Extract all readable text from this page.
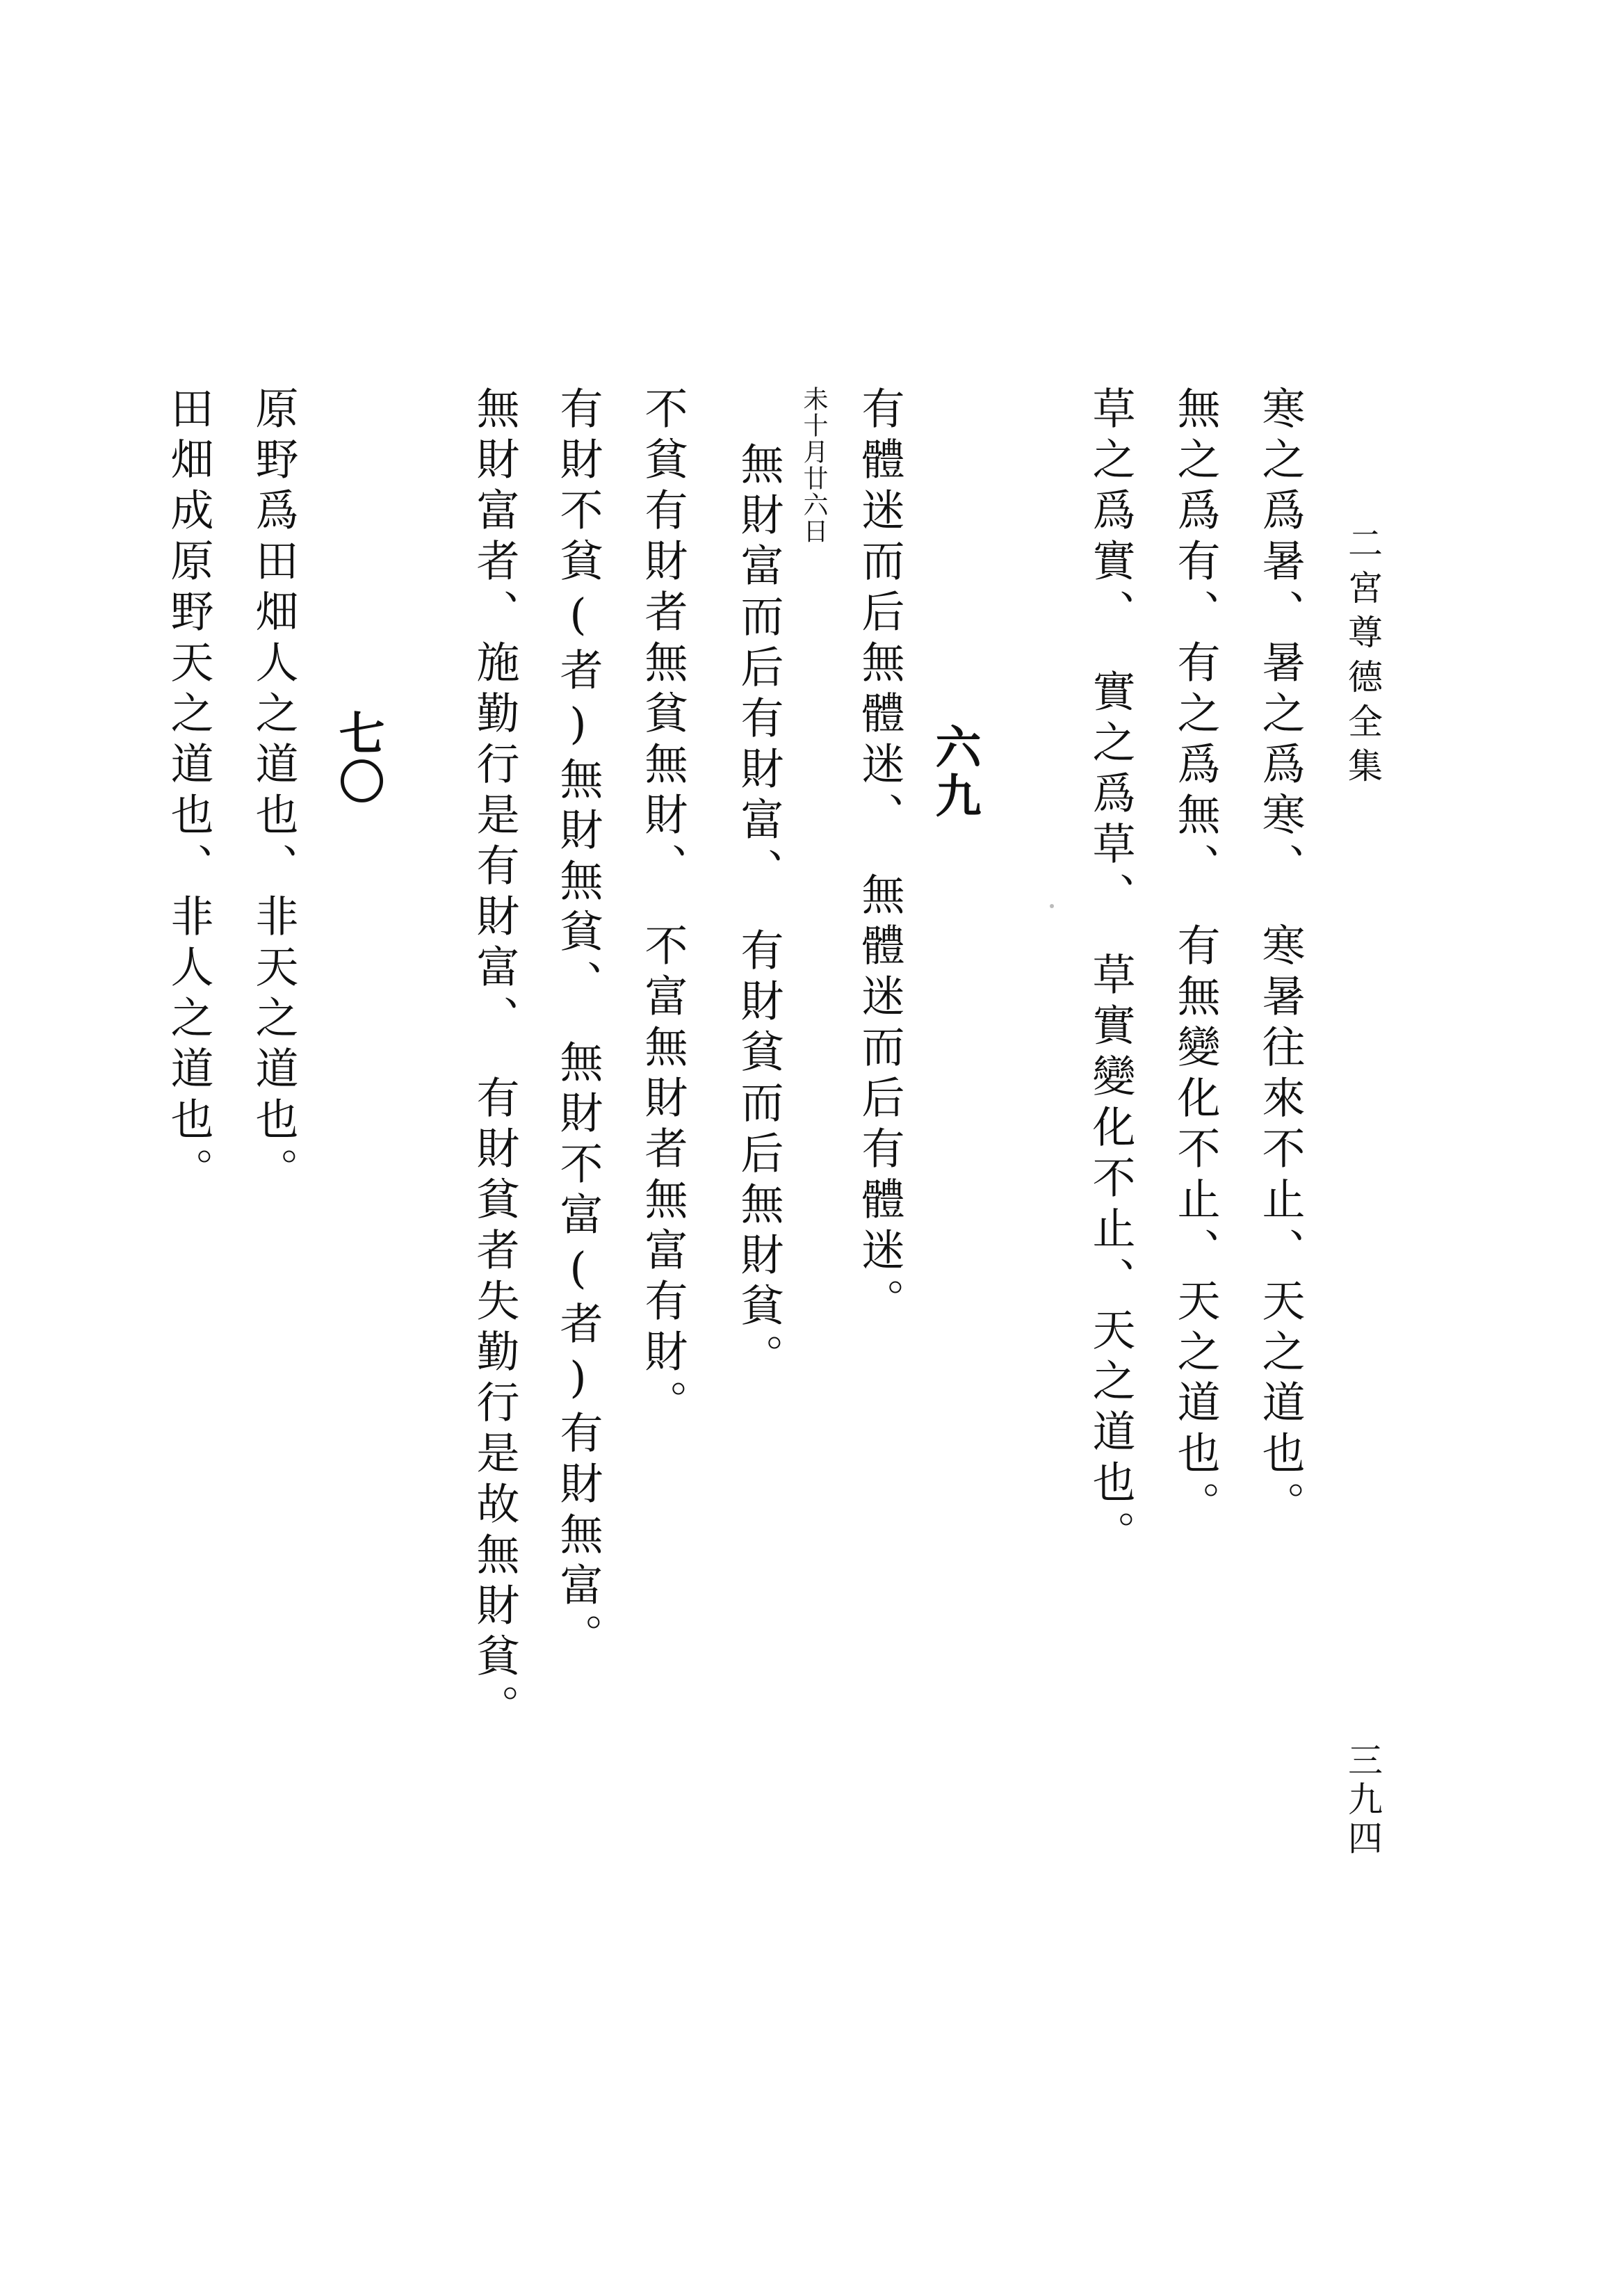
二宮尊德全集
三九四
寒之爲暑、暑之爲寒、　寒暑往來不止、天之道也。
無之爲有、有之爲無、　有無變化不止、天之道也。
草之爲實、　實之爲草、　草實變化不止、天之道也。
六九
有體迷而后無體迷、　無體迷而后有體迷。
未十月廿六日
無財富而后有財富、　有財貧而后無財貧。
不貧有財者無貧無財、　不富無財者無富有財。
有財不貧(者)無財無貧、　無財不富(者)有財無富。
無財富者、施勤行是有財富、　有財貧者失勤行是故無財貧。
七〇
原野爲田畑人之道也、非天之道也。
田畑成原野天之道也、非人之道也。
